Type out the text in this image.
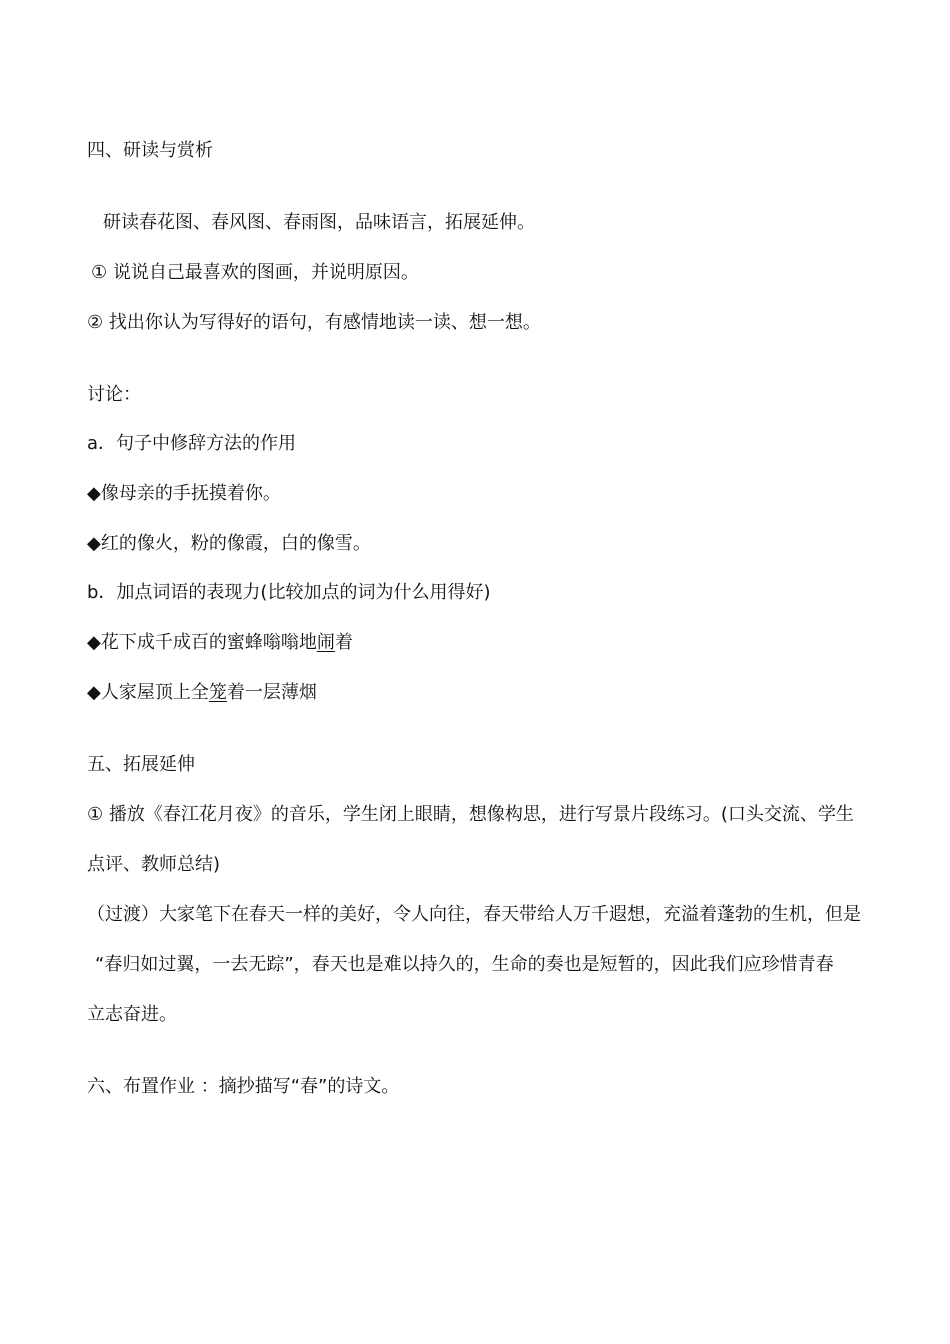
四、研读与赏析
研读春花图、春风图、春雨图，品味语言，拓展延伸。
① 说说自己最喜欢的图画，并说明原因。
② 找出你认为写得好的语句，有感情地读一读、想一想。
讨论：
a．句子中修辞方法的作用
◆像母亲的手抚摸着你。
◆红的像火，粉的像霞，白的像雪。
b．加点词语的表现力(比较加点的词为什么用得好)
◆花下成千成百的蜜蜂嗡嗡地闹着
◆人家屋顶上全笼着一层薄烟
五、拓展延伸
① 播放《春江花月夜》的音乐，学生闭上眼睛，想像构思，进行写景片段练习。(口头交流、学生
点评、教师总结)
（过渡）大家笔下在春天一样的美好，令人向往，春天带给人万千遐想，充溢着蓬勃的生机，但是
“春归如过翼，一去无踪”，春天也是难以持久的，生命的奏也是短暂的，因此我们应珍惜青春
立志奋进。
六、布置作业 ：摘抄描写“春”的诗文。
